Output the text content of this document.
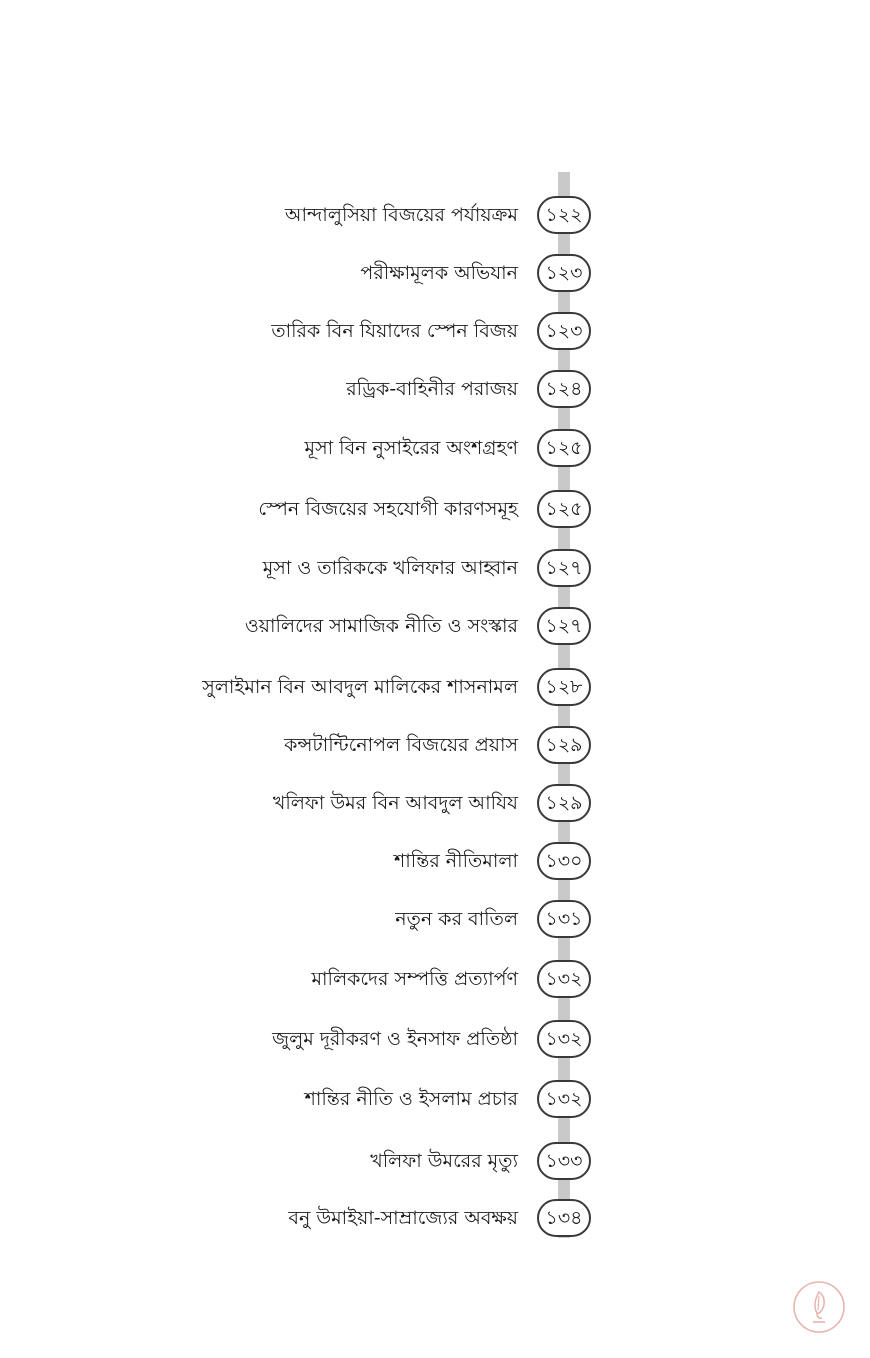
আন্দালুসিয়া বিজয়ের পর্যায়ক্রম	১২২
পরীক্ষামূলক অভিযান	১২৩
তারিক বিন যিয়াদের স্পেন বিজয়	১২৩
রড্রিক-বাহিনীর পরাজয়	১২৪
মূসা বিন নুসাইরের অংশগ্রহণ	১২৫
স্পেন বিজয়ের সহযোগী কারণসমূহ	১২৫
মূসা ও তারিককে খলিফার আহ্বান	১২৭
ওয়ালিদের সামাজিক নীতি ও সংস্কার	১২৭
সুলাইমান বিন আবদুল মালিকের শাসনামল	১২৮
কন্সটান্টিনোপল বিজয়ের প্রয়াস	১২৯
খলিফা উমর বিন আবদুল আযিয	১২৯
শান্তির নীতিমালা	১৩০
নতুন কর বাতিল	১৩১
মালিকদের সম্পত্তি প্রত্যার্পণ	১৩২
জুলুম দূরীকরণ ও ইনসাফ প্রতিষ্ঠা	১৩২
শান্তির নীতি ও ইসলাম প্রচার	১৩২
খলিফা উমরের মৃত্যু	১৩৩
বনু উমাইয়া-সাম্রাজ্যের অবক্ষয়	১৩৪
